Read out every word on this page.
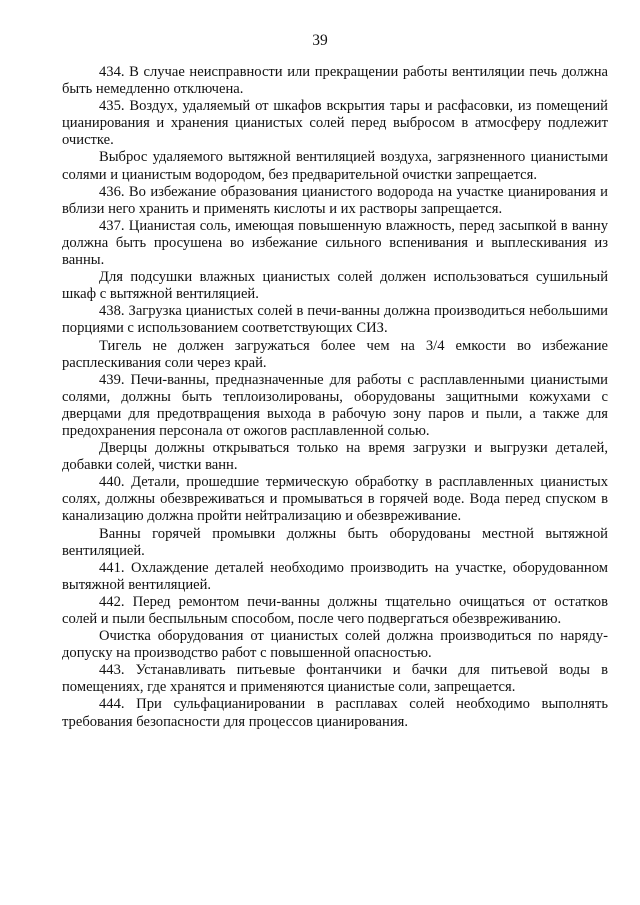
39

434. В случае неисправности или прекращении работы вентиляции печь должна быть немедленно отключена.

435. Воздух, удаляемый от шкафов вскрытия тары и расфасовки, из помещений цианирования и хранения цианистых солей перед выбросом в атмосферу подлежит очистке.

Выброс удаляемого вытяжной вентиляцией воздуха, загрязненного цианистыми солями и цианистым водородом, без предварительной очистки запрещается.

436. Во избежание образования цианистого водорода на участке цианирования и вблизи него хранить и применять кислоты и их растворы запрещается.

437. Цианистая соль, имеющая повышенную влажность, перед засыпкой в ванну должна быть просушена во избежание сильного вспенивания и выплескивания из ванны.

Для подсушки влажных цианистых солей должен использоваться сушильный шкаф с вытяжной вентиляцией.

438. Загрузка цианистых солей в печи-ванны должна производиться небольшими порциями с использованием соответствующих СИЗ.

Тигель не должен загружаться более чем на 3/4 емкости во избежание расплескивания соли через край.

439. Печи-ванны, предназначенные для работы с расплавленными цианистыми солями, должны быть теплоизолированы, оборудованы защитными кожухами с дверцами для предотвращения выхода в рабочую зону паров и пыли, а также для предохранения персонала от ожогов расплавленной солью.

Дверцы должны открываться только на время загрузки и выгрузки деталей, добавки солей, чистки ванн.

440. Детали, прошедшие термическую обработку в расплавленных цианистых солях, должны обезвреживаться и промываться в горячей воде. Вода перед спуском в канализацию должна пройти нейтрализацию и обезвреживание.

Ванны горячей промывки должны быть оборудованы местной вытяжной вентиляцией.

441. Охлаждение деталей необходимо производить на участке, оборудованном вытяжной вентиляцией.

442. Перед ремонтом печи-ванны должны тщательно очищаться от остатков солей и пыли беспыльным способом, после чего подвергаться обезвреживанию.

Очистка оборудования от цианистых солей должна производиться по наряду-допуску на производство работ с повышенной опасностью.

443. Устанавливать питьевые фонтанчики и бачки для питьевой воды в помещениях, где хранятся и применяются цианистые соли, запрещается.

444. При сульфацианировании в расплавах солей необходимо выполнять требования безопасности для процессов цианирования.
